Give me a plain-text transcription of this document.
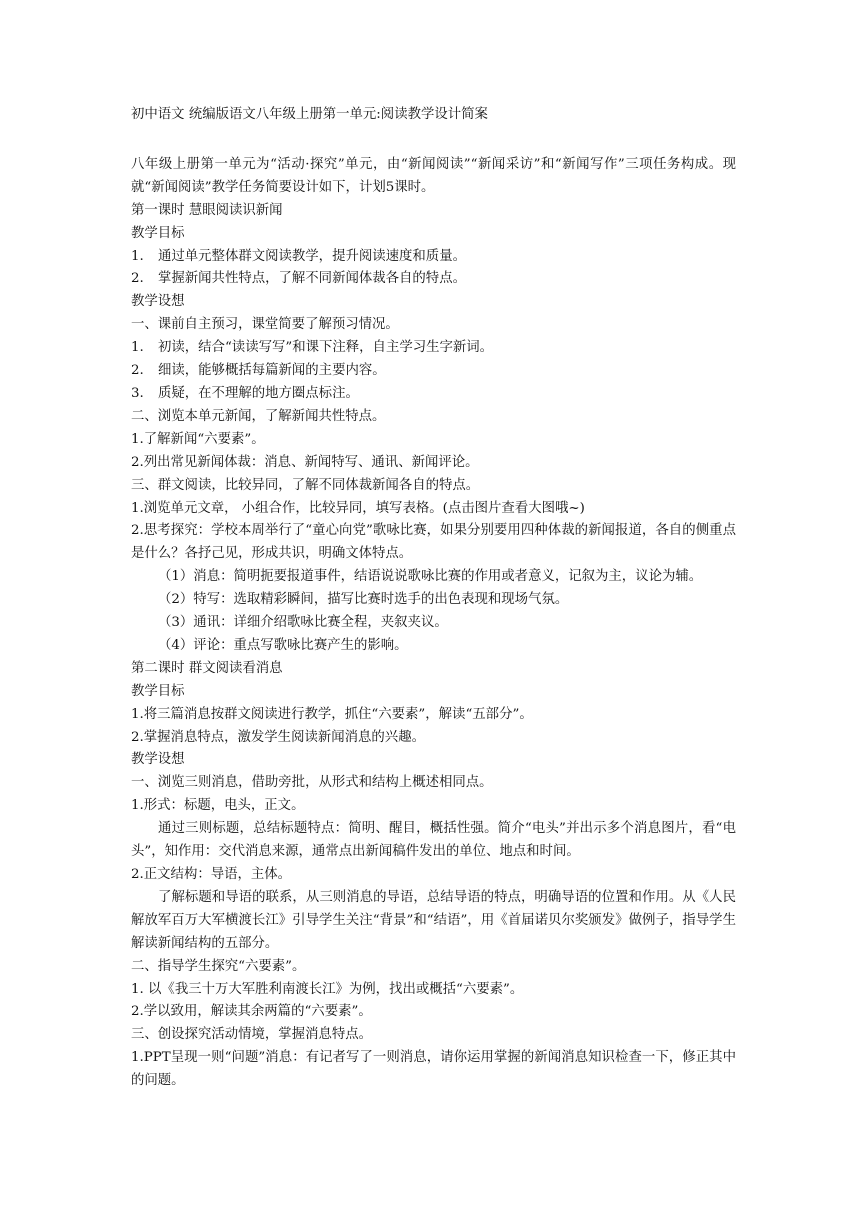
初中语文 统编版语文八年级上册第一单元:阅读教学设计简案
八年级上册第一单元为“活动·探究”单元，由“新闻阅读”“新闻采访”和“新闻写作”三项任务构成。现就“新闻阅读”教学任务简要设计如下，计划5课时。
第一课时 慧眼阅读识新闻
教学目标
1. 通过单元整体群文阅读教学，提升阅读速度和质量。
2. 掌握新闻共性特点，了解不同新闻体裁各自的特点。
教学设想
一、课前自主预习，课堂简要了解预习情况。
1. 初读，结合“读读写写”和课下注释，自主学习生字新词。
2. 细读，能够概括每篇新闻的主要内容。
3. 质疑，在不理解的地方圈点标注。
二、浏览本单元新闻，了解新闻共性特点。
1.了解新闻“六要素”。
2.列出常见新闻体裁：消息、新闻特写、通讯、新闻评论。
三、群文阅读，比较异同，了解不同体裁新闻各自的特点。
1.浏览单元文章， 小组合作，比较异同，填写表格。(点击图片查看大图哦~)
2.思考探究：学校本周举行了“童心向党”歌咏比赛，如果分别要用四种体裁的新闻报道，各自的侧重点是什么？各抒己见，形成共识，明确文体特点。
（1）消息：简明扼要报道事件，结语说说歌咏比赛的作用或者意义，记叙为主，议论为辅。
（2）特写：选取精彩瞬间，描写比赛时选手的出色表现和现场气氛。
（3）通讯：详细介绍歌咏比赛全程，夹叙夹议。
（4）评论：重点写歌咏比赛产生的影响。
第二课时 群文阅读看消息
教学目标
1.将三篇消息按群文阅读进行教学，抓住“六要素”，解读“五部分”。
2.掌握消息特点，激发学生阅读新闻消息的兴趣。
教学设想
一、浏览三则消息，借助旁批，从形式和结构上概述相同点。
1.形式：标题，电头，正文。
通过三则标题，总结标题特点：简明、醒目，概括性强。简介“电头”并出示多个消息图片，看“电头”，知作用：交代消息来源，通常点出新闻稿件发出的单位、地点和时间。
2.正文结构：导语，主体。
了解标题和导语的联系，从三则消息的导语，总结导语的特点，明确导语的位置和作用。从《人民解放军百万大军横渡长江》引导学生关注“背景”和“结语”，用《首届诺贝尔奖颁发》做例子，指导学生解读新闻结构的五部分。
二、指导学生探究“六要素”。
1. 以《我三十万大军胜利南渡长江》为例，找出或概括“六要素”。
2.学以致用，解读其余两篇的“六要素”。
三、创设探究活动情境，掌握消息特点。
1.PPT呈现一则“问题”消息：有记者写了一则消息，请你运用掌握的新闻消息知识检查一下，修正其中的问题。
